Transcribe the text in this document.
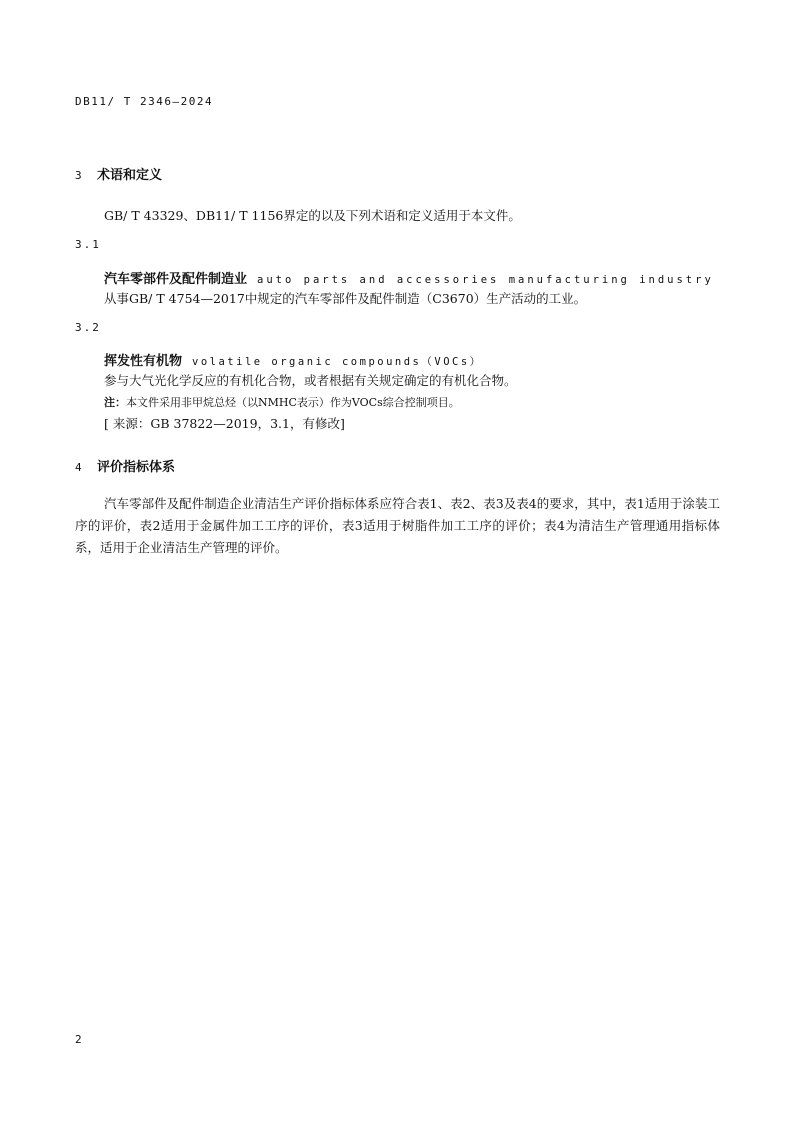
DB11/ T 2346—2024
3 术语和定义
GB/ T 43329、DB11/ T 1156界定的以及下列术语和定义适用于本文件。
3.1
汽车零部件及配件制造业 auto parts and accessories manufacturing industry
从事GB/ T 4754—2017中规定的汽车零部件及配件制造（C3670）生产活动的工业。
3.2
挥发性有机物 volatile organic compounds（VOCs）
参与大气光化学反应的有机化合物，或者根据有关规定确定的有机化合物。
注：本文件采用非甲烷总烃（以NMHC表示）作为VOCs综合控制项目。
[ 来源：GB 37822—2019，3.1，有修改]
4 评价指标体系
汽车零部件及配件制造企业清洁生产评价指标体系应符合表1、表2、表3及表4的要求，其中，表1适用于涂装工序的评价，表2适用于金属件加工工序的评价，表3适用于树脂件加工工序的评价；表4为清洁生产管理通用指标体系，适用于企业清洁生产管理的评价。
2
